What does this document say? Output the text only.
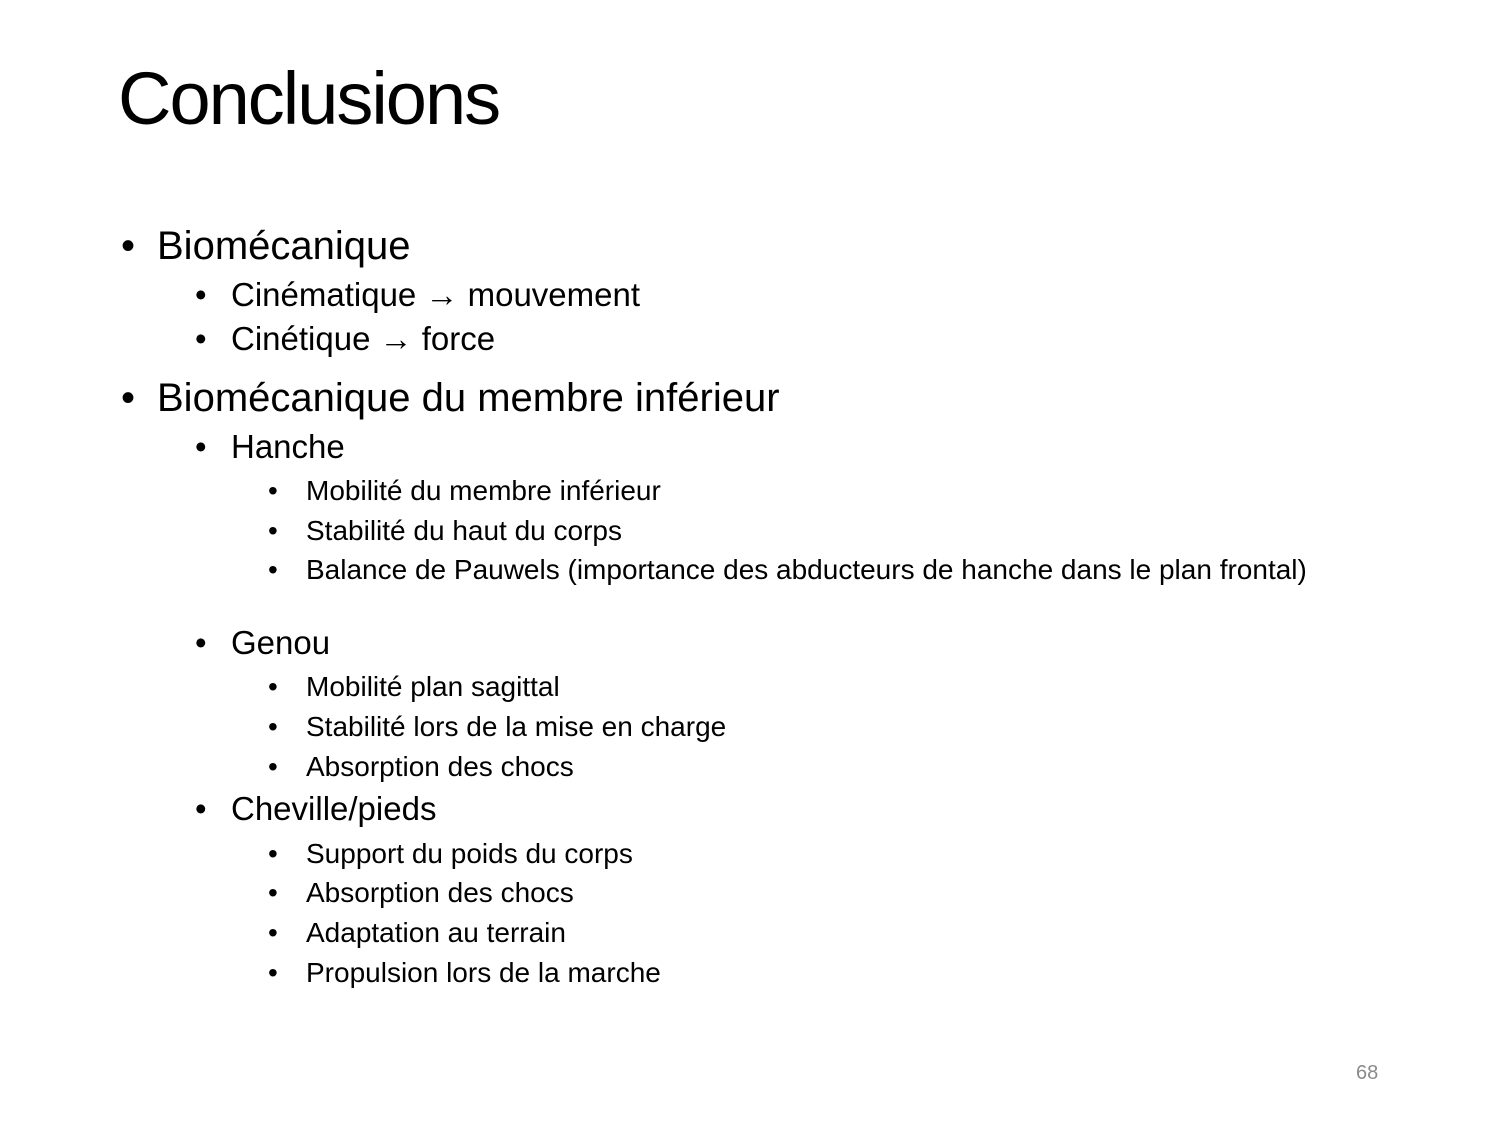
Conclusions
• Biomécanique
• Cinématique → mouvement
• Cinétique → force
• Biomécanique du membre inférieur
• Hanche
• Mobilité du membre inférieur
• Stabilité du haut du corps
• Balance de Pauwels (importance des abducteurs de hanche dans le plan frontal)
• Genou
• Mobilité plan sagittal
• Stabilité lors de la mise en charge
• Absorption des chocs
• Cheville/pieds
• Support du poids du corps
• Absorption des chocs
• Adaptation au terrain
• Propulsion lors de la marche
68
